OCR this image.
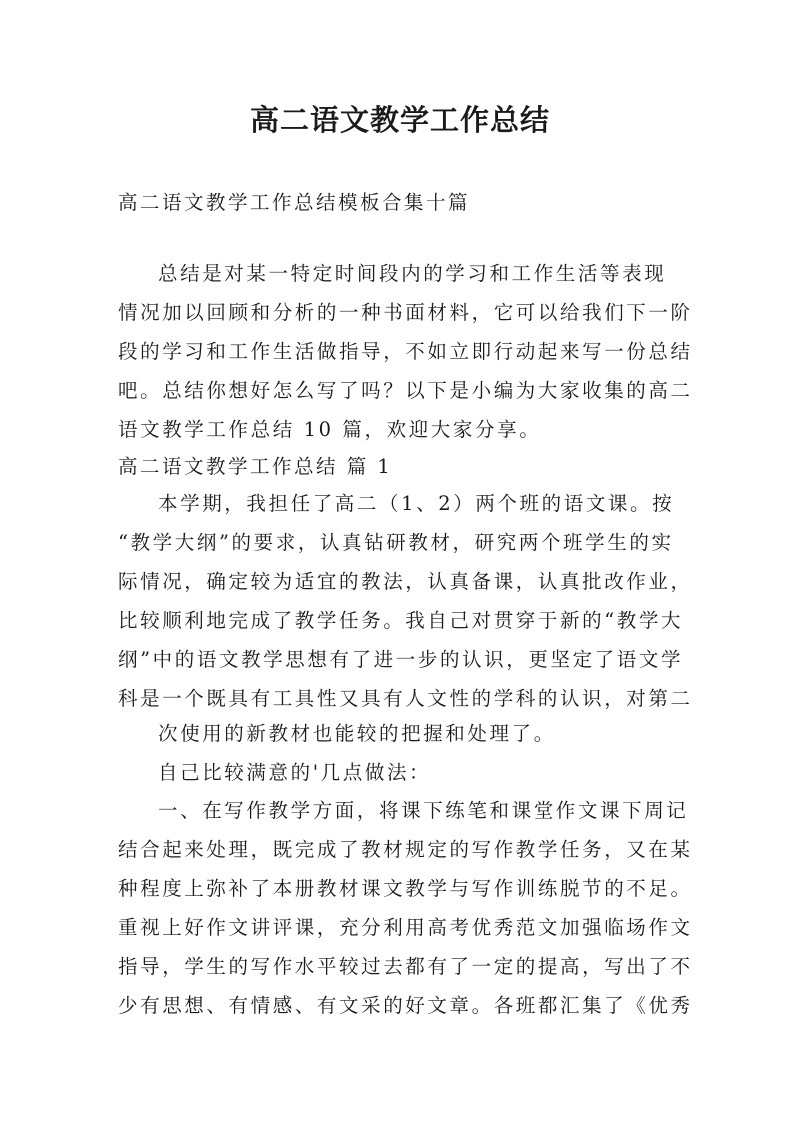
高二语文教学工作总结

高二语文教学工作总结模板合集十篇

总结是对某一特定时间段内的学习和工作生活等表现
情况加以回顾和分析的一种书面材料，它可以给我们下一阶
段的学习和工作生活做指导，不如立即行动起来写一份总结
吧。总结你想好怎么写了吗？以下是小编为大家收集的高二
语文教学工作总结 10 篇，欢迎大家分享。
高二语文教学工作总结 篇 1
本学期，我担任了高二（1、2）两个班的语文课。按
“教学大纲”的要求，认真钻研教材，研究两个班学生的实
际情况，确定较为适宜的教法，认真备课，认真批改作业，
比较顺利地完成了教学任务。我自己对贯穿于新的“教学大
纲”中的语文教学思想有了进一步的认识，更坚定了语文学
科是一个既具有工具性又具有人文性的学科的认识，对第二
次使用的新教材也能较的把握和处理了。
自己比较满意的'几点做法：
一、在写作教学方面，将课下练笔和课堂作文课下周记
结合起来处理，既完成了教材规定的写作教学任务，又在某
种程度上弥补了本册教材课文教学与写作训练脱节的不足。
重视上好作文讲评课，充分利用高考优秀范文加强临场作文
指导，学生的写作水平较过去都有了一定的提高，写出了不
少有思想、有情感、有文采的好文章。各班都汇集了《优秀
